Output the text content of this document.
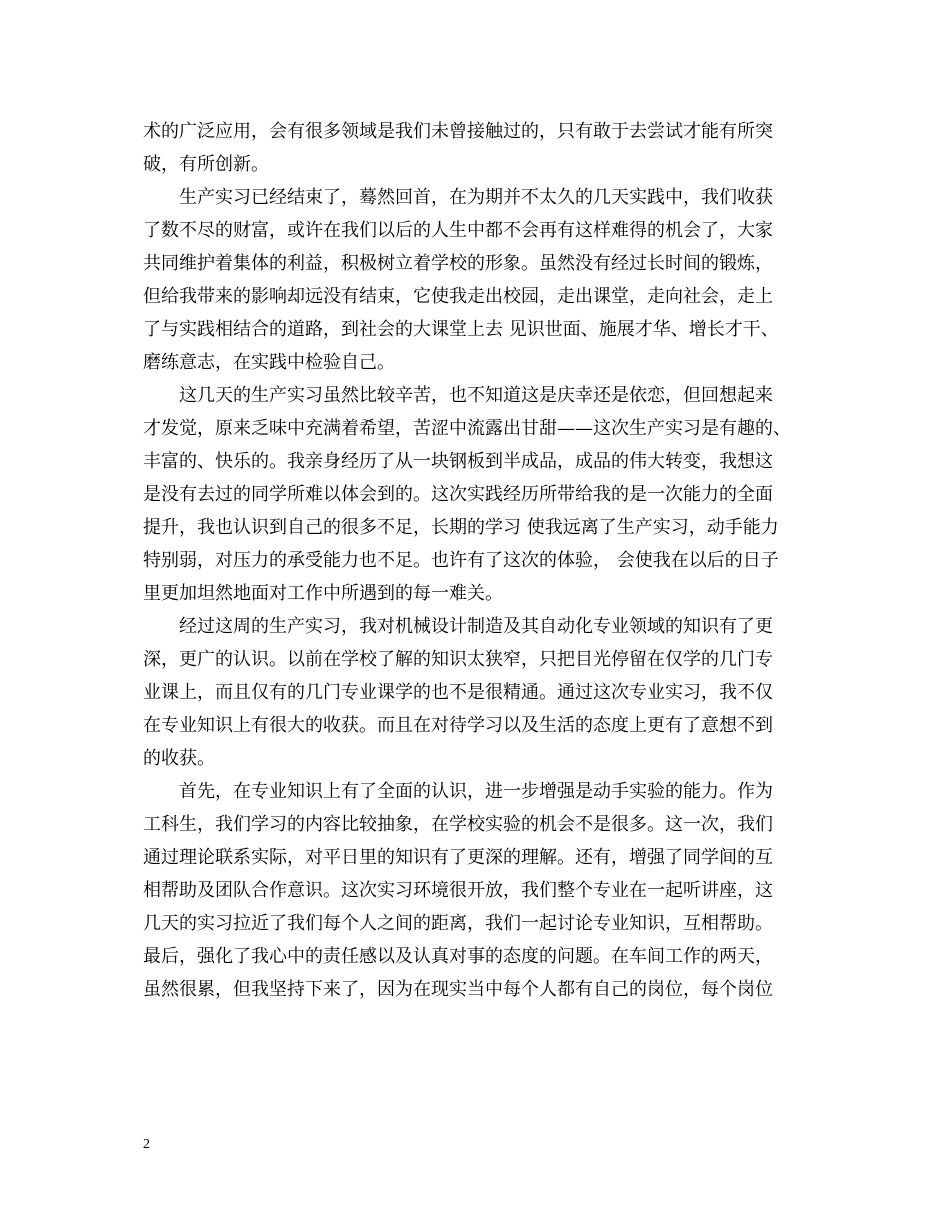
术的广泛应用，会有很多领域是我们未曾接触过的，只有敢于去尝试才能有所突
破，有所创新。
生产实习已经结束了，蓦然回首，在为期并不太久的几天实践中，我们收获
了数不尽的财富，或许在我们以后的人生中都不会再有这样难得的机会了，大家
共同维护着集体的利益，积极树立着学校的形象。虽然没有经过长时间的锻炼，
但给我带来的影响却远没有结束，它使我走出校园，走出课堂，走向社会，走上
了与实践相结合的道路，到社会的大课堂上去 见识世面、施展才华、增长才干、
磨练意志，在实践中检验自己。
这几天的生产实习虽然比较辛苦，也不知道这是庆幸还是依恋，但回想起来
才发觉，原来乏味中充满着希望，苦涩中流露出甘甜——这次生产实习是有趣的、
丰富的、快乐的。我亲身经历了从一块钢板到半成品，成品的伟大转变，我想这
是没有去过的同学所难以体会到的。这次实践经历所带给我的是一次能力的全面
提升，我也认识到自己的很多不足，长期的学习 使我远离了生产实习，动手能力
特别弱，对压力的承受能力也不足。也许有了这次的体验， 会使我在以后的日子
里更加坦然地面对工作中所遇到的每一难关。
经过这周的生产实习，我对机械设计制造及其自动化专业领域的知识有了更
深，更广的认识。以前在学校了解的知识太狭窄，只把目光停留在仅学的几门专
业课上，而且仅有的几门专业课学的也不是很精通。通过这次专业实习，我不仅
在专业知识上有很大的收获。而且在对待学习以及生活的态度上更有了意想不到
的收获。
首先，在专业知识上有了全面的认识，进一步增强是动手实验的能力。作为
工科生，我们学习的内容比较抽象，在学校实验的机会不是很多。这一次，我们
通过理论联系实际，对平日里的知识有了更深的理解。还有，增强了同学间的互
相帮助及团队合作意识。这次实习环境很开放，我们整个专业在一起听讲座，这
几天的实习拉近了我们每个人之间的距离，我们一起讨论专业知识，互相帮助。
最后，强化了我心中的责任感以及认真对事的态度的问题。在车间工作的两天，
虽然很累，但我坚持下来了，因为在现实当中每个人都有自己的岗位，每个岗位
2
